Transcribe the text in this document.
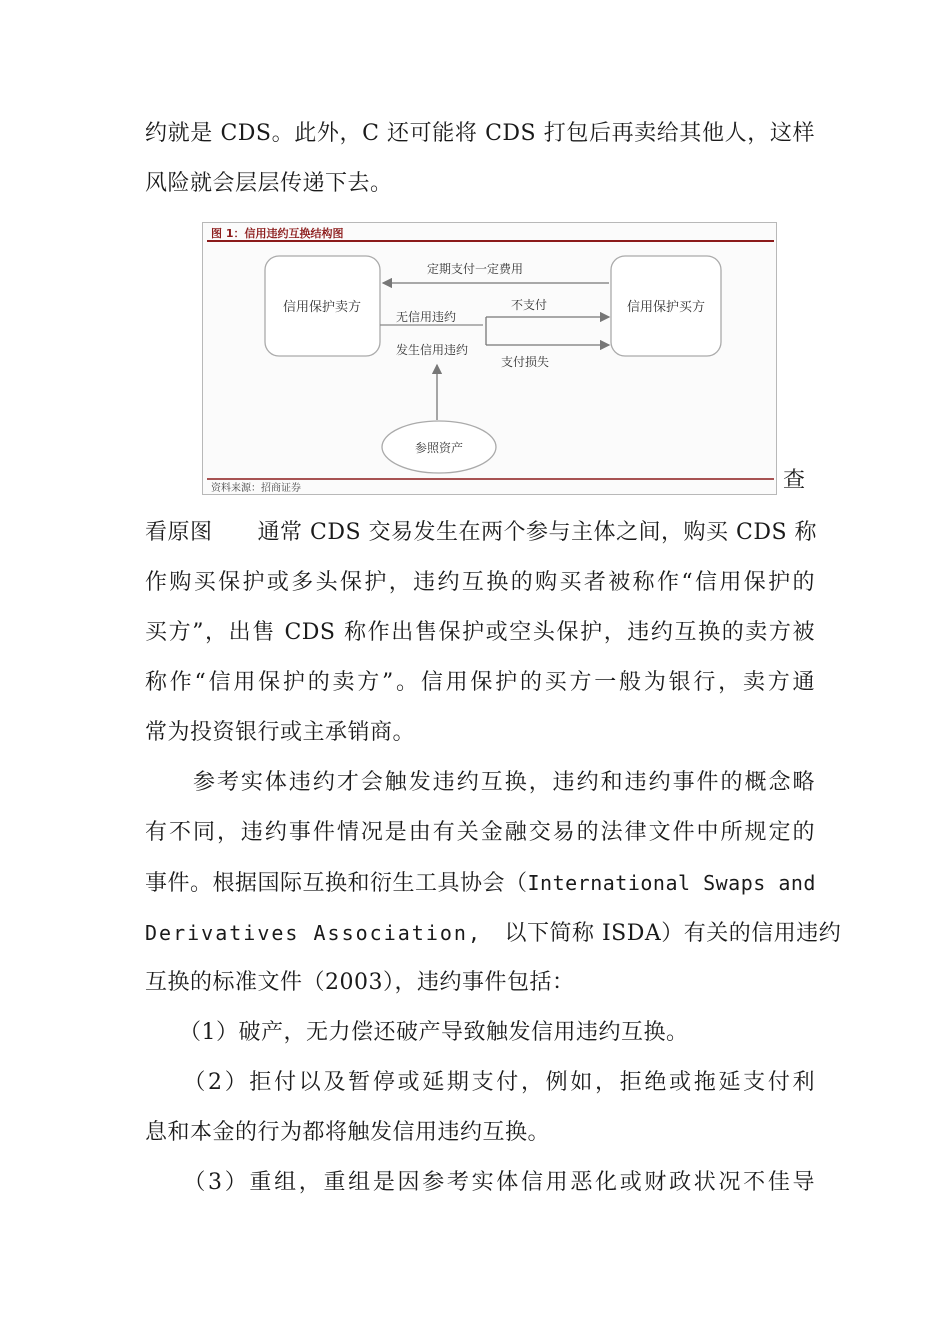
约就是 CDS。此外，C 还可能将 CDS 打包后再卖给其他人，这样
风险就会层层传递下去。
图 1：信用违约互换结构图
信用保护卖方	信用保护买方
定期支付一定费用
无信用违约
不支付
发生信用违约
支付损失
参照资产
资料来源：招商证券	查
看原图　　通常 CDS 交易发生在两个参与主体之间，购买 CDS 称
作购买保护或多头保护，违约互换的购买者被称作“信用保护的
买方”，出售 CDS 称作出售保护或空头保护，违约互换的卖方被
称作“信用保护的卖方”。信用保护的买方一般为银行，卖方通
常为投资银行或主承销商。
　　参考实体违约才会触发违约互换，违约和违约事件的概念略
有不同，违约事件情况是由有关金融交易的法律文件中所规定的
事件。根据国际互换和衍生工具协会（International Swaps and
Derivatives Association,　以下简称 ISDA）有关的信用违约
互换的标准文件（2003），违约事件包括：
　　（1）破产，无力偿还破产导致触发信用违约互换。
　　（2）拒付以及暂停或延期支付，例如，拒绝或拖延支付利
息和本金的行为都将触发信用违约互换。
　　（3）重组，重组是因参考实体信用恶化或财政状况不佳导
